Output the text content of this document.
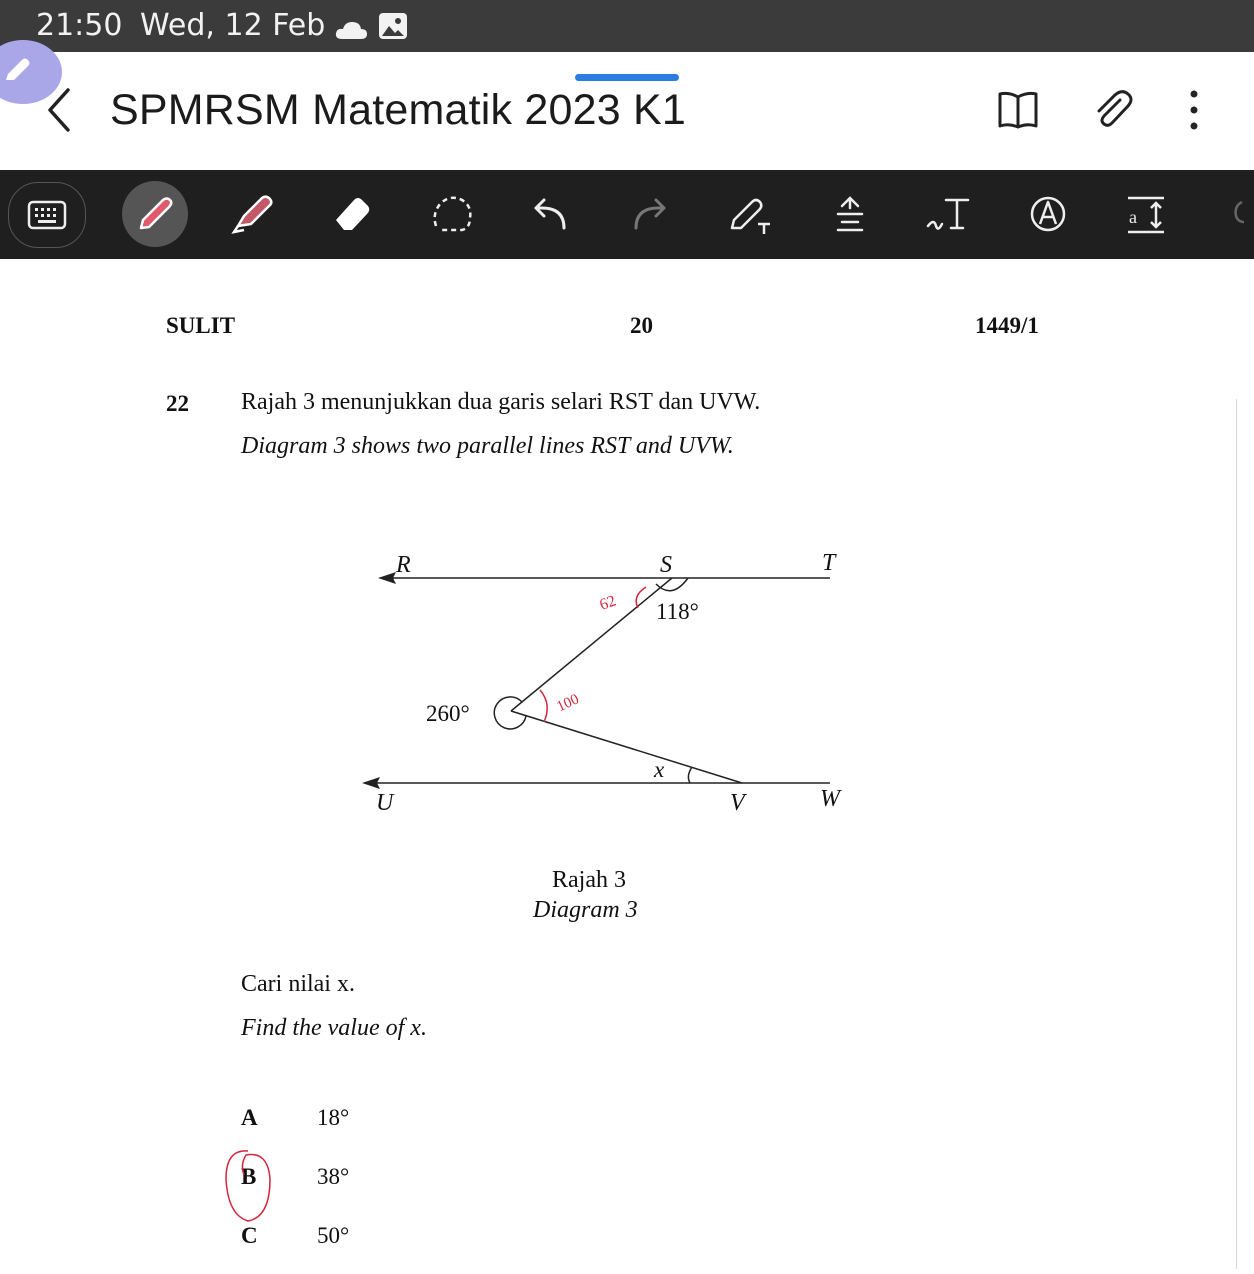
21:50 Wed, 12 Feb
SPMRSM Matematik 2023 K1
a
SULIT	20	1449/1
22 Rajah 3 menunjukkan dua garis selari RST dan UVW.
Diagram 3 shows two parallel lines RST and UVW.
62
100
R	S	T
U	V	W
118°
260°
x
Rajah 3
Diagram 3
Cari nilai x.
Find the value of x.
A	18°
B	38°
C	50°
